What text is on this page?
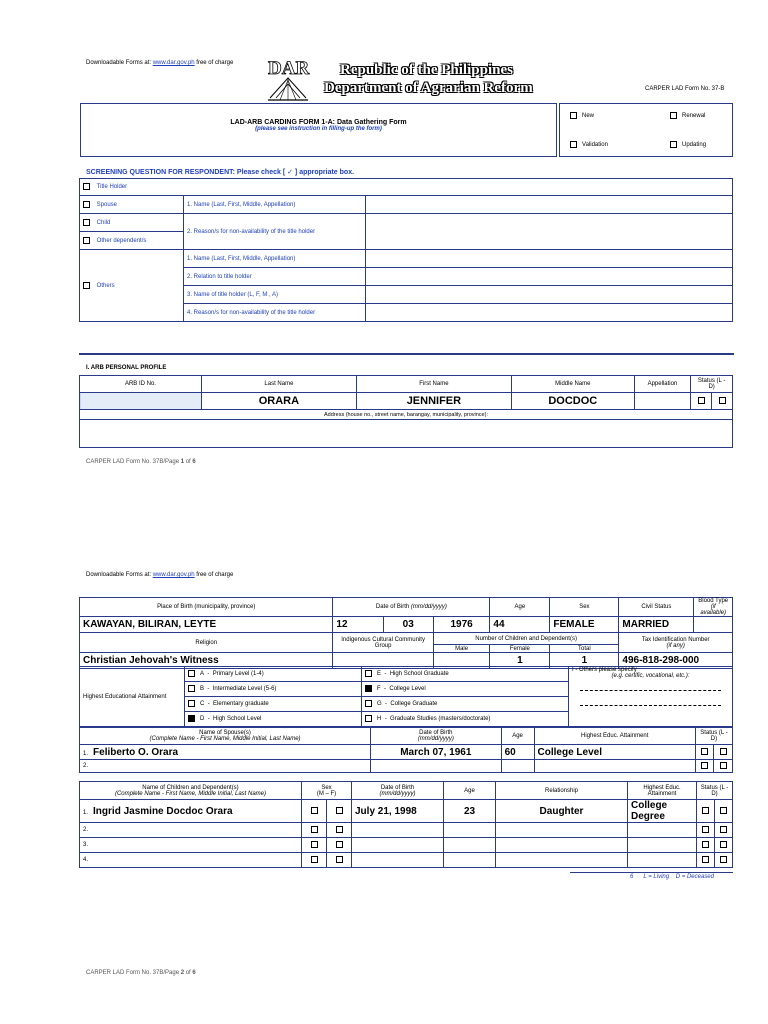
Downloadable Forms at: www.dar.gov.ph free of charge DAR Republic of the Philippines
Department of Agrarian Reform	CARPER LAD Form No. 37-B
LAD-ARB CARDING FORM 1-A: Data Gathering Form
(please see instruction in filling-up the form)
New	Renewal
Validation	Updating
SCREENING QUESTION FOR RESPONDENT: Please check [ ✓ ] appropriate box.
Title Holder		
Spouse	1. Name (Last, First, Middle, Appellation)	
Child	2. Reason/s for non-availability of the title holder	
Other dependent/s		
Others	1. Name (Last, First, Middle, Appellation)	
	2. Relation to title holder	
	3. Name of title holder (L, F, M , A)	
	4. Reason/s for non-availability of the title holder	
I. ARB PERSONAL PROFILE
ARB ID No.	Last Name	First Name	Middle Name	Appellation	Status (L - D)	
	ORARA	JENNIFER	DOCDOC			
Address (house no., street name, barangay, municipality, province):						

CARPER LAD Form No. 37B/Page 1 of 6
Downloadable Forms at: www.dar.gov.ph free of charge
Place of Birth (municipality, province)	Date of Birth (mm/dd/yyyy)			Age	Sex	Civil Status	Blood Type
(if available)
KAWAYAN, BILIRAN, LEYTE	12	03	1976	44	FEMALE	MARRIED	
Religion	Indigenous Cultural Community Group		Number of Children and Dependent(s)			Tax Identification Number
(if any)	
			Male	Female	Total		
Christian Jehovah's Witness				1	1	496-818-298-000	
Highest Educational Attainment	A  -  Primary Level (1-4)	E  -  High School Graduate	I - Others please specify
(e.g. certific, vocational, etc.):

	B  -  Intermediate Level (5-6)	F  -  College Level	
	C  -  Elementary graduate	G  -  College Graduate	
	D  -  High School Level	H  -  Graduate Studies (masters/doctorate)	
Name of Spouse(s)
(Complete Name - First Name, Middle Initial, Last Name)	Date of Birth
(mm/dd/yyyy)	Age	Highest Educ. Attainment	Status (L - D)	
1. Feliberto O. Orara	March 07, 1961	60	College Level		
2.					
Name of Children and Dependent(s)
(Complete Name - First Name, Middle Initial, Last Name)	Sex
(M – F)		Date of Birth
(mm/dd/yyyy)	Age	Relationship	Highest Educ. Attainment	Status (L - D)	
1. Ingrid Jasmine Docdoc Orara			July 21, 1998	23	Daughter	College Degree		
2.								
3.								
4.								
6 L = Living D = Deceased
CARPER LAD Form No. 37B/Page 2 of 6
